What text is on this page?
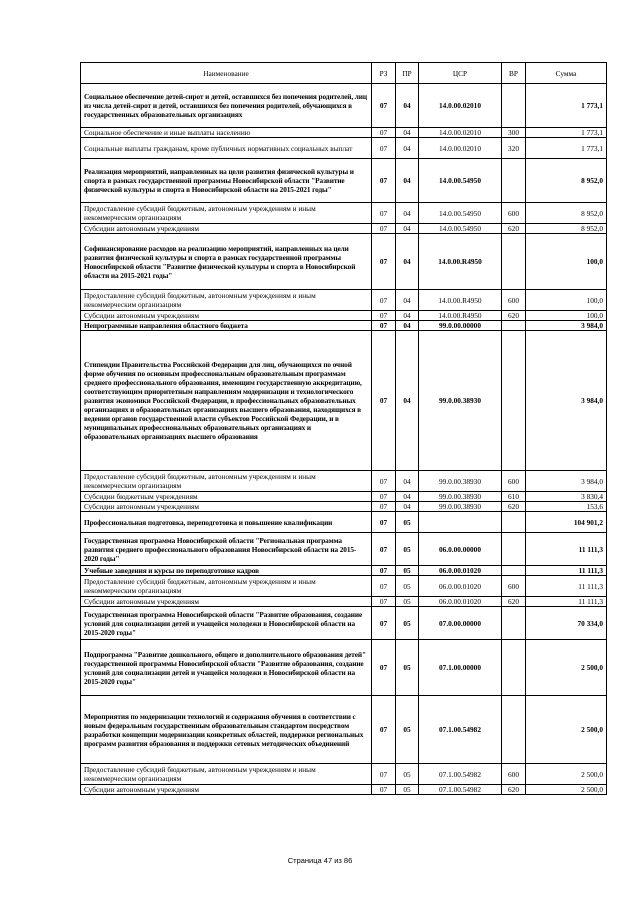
Наименование	РЗ	ПР	ЦСР	ВР	Сумма
Социальное обеспечение детей-сирот и детей, оставшихся без попечения родителей, лиц из числа детей-сирот и детей, оставшихся без попечения родителей, обучающихся в государственных образовательных организациях	07	04	14.0.00.02010		1 773,1
Социальное обеспечение и иные выплаты населению	07	04	14.0.00.02010	300	1 773,1
Социальные выплаты гражданам, кроме публичных нормативных социальных выплат	07	04	14.0.00.02010	320	1 773,1
Реализация мероприятий, направленных на цели развития физической культуры и спорта в рамках государственной программы Новосибирской области "Развитие физической культуры и спорта в Новосибирской области на 2015-2021 годы"	07	04	14.0.00.54950		8 952,0
Предоставление субсидий бюджетным, автономным учреждениям и иным некоммерческим организациям	07	04	14.0.00.54950	600	8 952,0
Субсидии автономным учреждениям	07	04	14.0.00.54950	620	8 952,0
Софинансирование расходов на реализацию мероприятий, направленных на цели развития физической культуры и спорта в рамках государственной программы Новосибирской области "Развитие физической культуры и спорта в Новосибирской области на 2015-2021 годы"	07	04	14.0.00.R4950		100,0
Предоставление субсидий бюджетным, автономным учреждениям и иным некоммерческим организациям	07	04	14.0.00.R4950	600	100,0
Субсидии автономным учреждениям	07	04	14.0.00.R4950	620	100,0
Непрограммные направления областного бюджета	07	04	99.0.00.00000		3 984,0
Стипендии Правительства Российской Федерации для лиц, обучающихся по очной форме обучения по основным профессиональным образовательным программам среднего профессионального образования, имеющим государственную аккредитацию, соответствующим приоритетным направлениям модернизации и технологического развития экономики Российской Федерации, в профессиональных образовательных организациях и образовательных организациях высшего образования, находящихся в ведении органов государственной власти субъектов Российской Федерации, и в муниципальных профессиональных образовательных организациях и образовательных организациях высшего образования	07	04	99.0.00.38930		3 984,0
Предоставление субсидий бюджетным, автономным учреждениям и иным некоммерческим организациям	07	04	99.0.00.38930	600	3 984,0
Субсидии бюджетным учреждениям	07	04	99.0.00.38930	610	3 830,4
Субсидии автономным учреждениям	07	04	99.0.00.38930	620	153,6
Профессиональная подготовка, переподготовка и повышение квалификации	07	05			104 901,2
Государственная программа Новосибирской области "Региональная программа развития среднего профессионального образования Новосибирской области на 2015-2020 годы"	07	05	06.0.00.00000		11 111,3
Учебные заведения и курсы по переподготовке кадров	07	05	06.0.00.01020		11 111,3
Предоставление субсидий бюджетным, автономным учреждениям и иным некоммерческим организациям	07	05	06.0.00.01020	600	11 111,3
Субсидии автономным учреждениям	07	05	06.0.00.01020	620	11 111,3
Государственная программа Новосибирской области "Развитие образования, создание условий для социализации детей и учащейся молодежи в Новосибирской области на 2015-2020 годы"	07	05	07.0.00.00000		70 334,0
Подпрограмма "Развитие дошкольного, общего и дополнительного образования детей" государственной программы Новосибирской области "Развитие образования, создание условий для социализации детей и учащейся молодежи в Новосибирской области на 2015-2020 годы"	07	05	07.1.00.00000		2 500,0
Мероприятия по модернизации технологий и содержания обучения в соответствии с новым федеральным государственным образовательным стандартом посредством разработки концепции модернизации конкретных областей, поддержки региональных программ развития образования и поддержки сетевых методических объединений	07	05	07.1.00.54982		2 500,0
Предоставление субсидий бюджетным, автономным учреждениям и иным некоммерческим организациям	07	05	07.1.00.54982	600	2 500,0
Субсидии автономным учреждениям	07	05	07.1.00.54982	620	2 500,0
Страница 47 из 86
